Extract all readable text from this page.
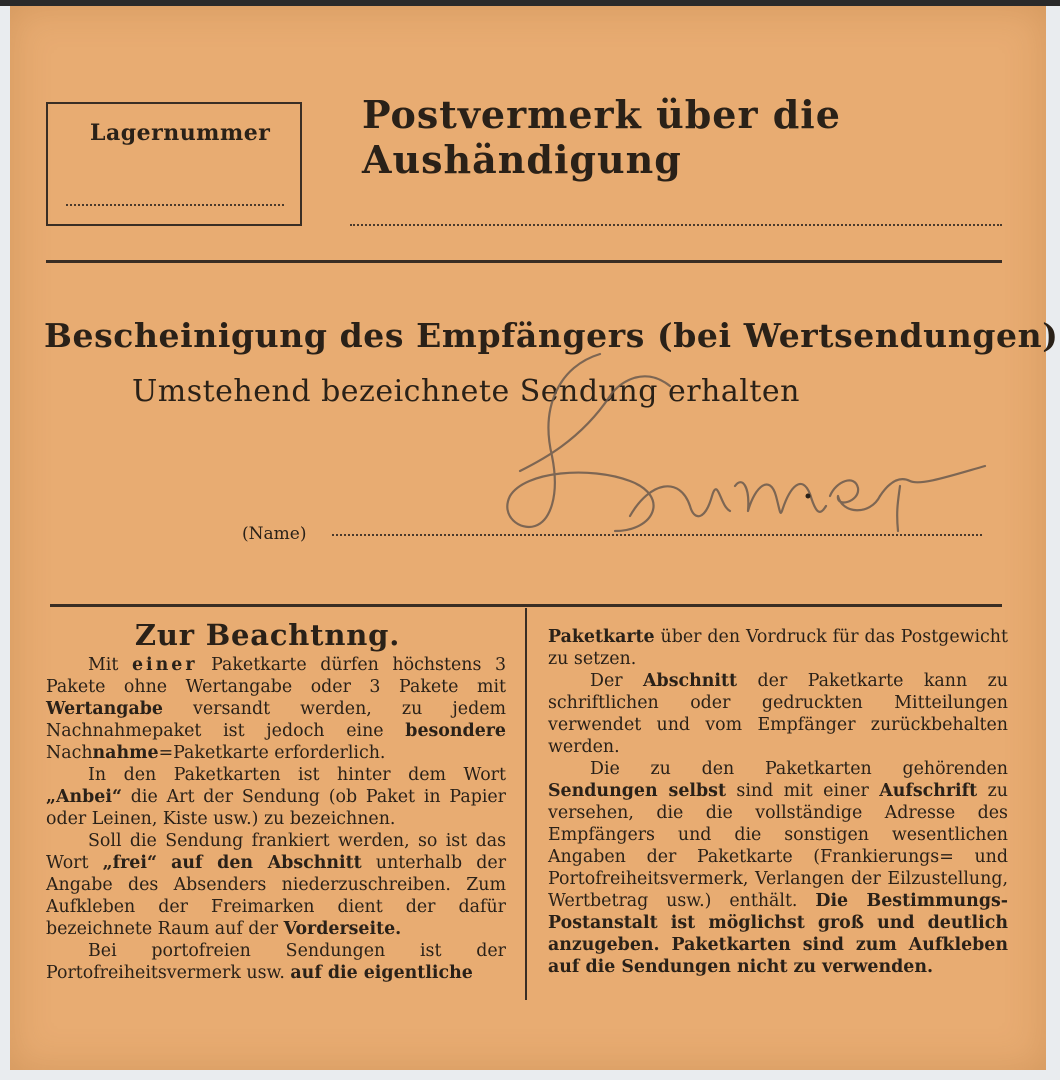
Lagernummer Postvermerk über die Aushändigung
Bescheinigung des Empfängers (bei Wertsendungen)
Umstehend bezeichnete Sendung erhalten
(Name)
Zur Beachtnng.

Mit einer Paketkarte dürfen höchstens 3 Pakete ohne Wertangabe oder 3 Pakete mit Wertangabe versandt werden, zu jedem Nachnahmepaket ist jedoch eine besondere Nachnahme=Paketkarte erforderlich.

In den Paketkarten ist hinter dem Wort „Anbei“ die Art der Sendung (ob Paket in Papier oder Leinen, Kiste usw.) zu bezeichnen.

Soll die Sendung frankiert werden, so ist das Wort „frei“ auf den Abschnitt unterhalb der Angabe des Absenders niederzuschreiben. Zum Aufkleben der Freimarken dient der dafür bezeichnete Raum auf der Vorderseite.

Bei portofreien Sendungen ist der Portofreiheitsvermerk usw. auf die eigentliche

Paketkarte über den Vordruck für das Postgewicht zu setzen.

Der Abschnitt der Paketkarte kann zu schriftlichen oder gedruckten Mitteilungen verwendet und vom Empfänger zurückbehalten werden.

Die zu den Paketkarten gehörenden Sendungen selbst sind mit einer Aufschrift zu versehen, die die vollständige Adresse des Empfängers und die sonstigen wesentlichen Angaben der Paketkarte (Frankierungs= und Portofreiheitsvermerk, Verlangen der Eilzustellung, Wertbetrag usw.) enthält. Die Bestimmungs-Postanstalt ist möglichst groß und deutlich anzugeben. Paketkarten sind zum Aufkleben auf die Sendungen nicht zu verwenden.
